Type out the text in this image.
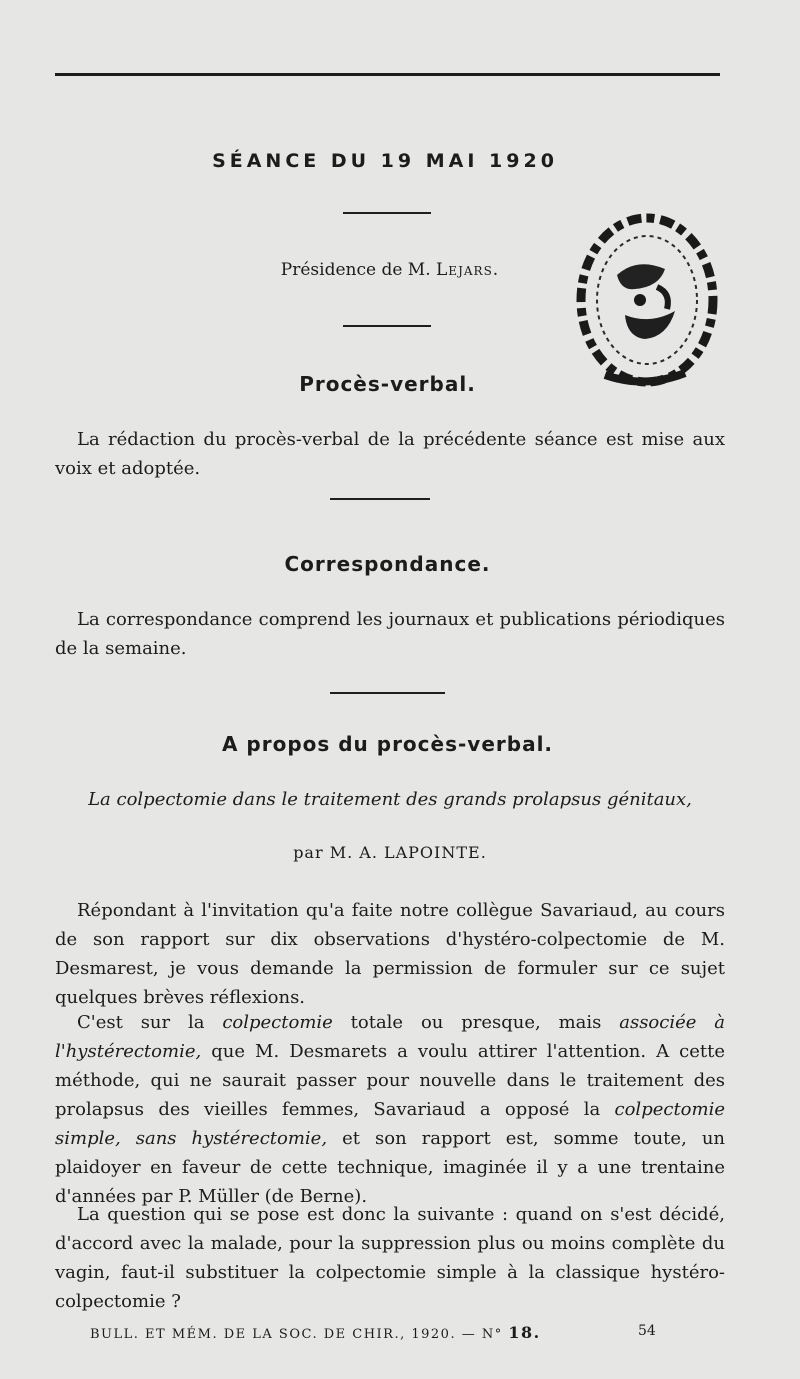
SÉANCE DU 19 MAI 1920

Présidence de M. Lejars.

Procès-verbal.

La rédaction du procès-verbal de la précédente séance est mise aux voix et adoptée.

Correspondance.

La correspondance comprend les journaux et publications périodiques de la semaine.

A propos du procès-verbal.

La colpectomie dans le traitement des grands prolapsus génitaux,

par M. A. LAPOINTE.

Répondant à l'invitation qu'a faite notre collègue Savariaud, au cours de son rapport sur dix observations d'hystéro-colpectomie de M. Desmarest, je vous demande la permission de formuler sur ce sujet quelques brèves réflexions.

C'est sur la colpectomie totale ou presque, mais associée à l'hystérectomie, que M. Desmarets a voulu attirer l'attention. A cette méthode, qui ne saurait passer pour nouvelle dans le traitement des prolapsus des vieilles femmes, Savariaud a opposé la colpectomie simple, sans hystérectomie, et son rapport est, somme toute, un plaidoyer en faveur de cette technique, imaginée il y a une trentaine d'années par P. Müller (de Berne).

La question qui se pose est donc la suivante : quand on s'est décidé, d'accord avec la malade, pour la suppression plus ou moins complète du vagin, faut-il substituer la colpectomie simple à la classique hystéro-colpectomie ?

BULL. ET MÉM. DE LA SOC. DE CHIR., 1920. — N° 18.	54
